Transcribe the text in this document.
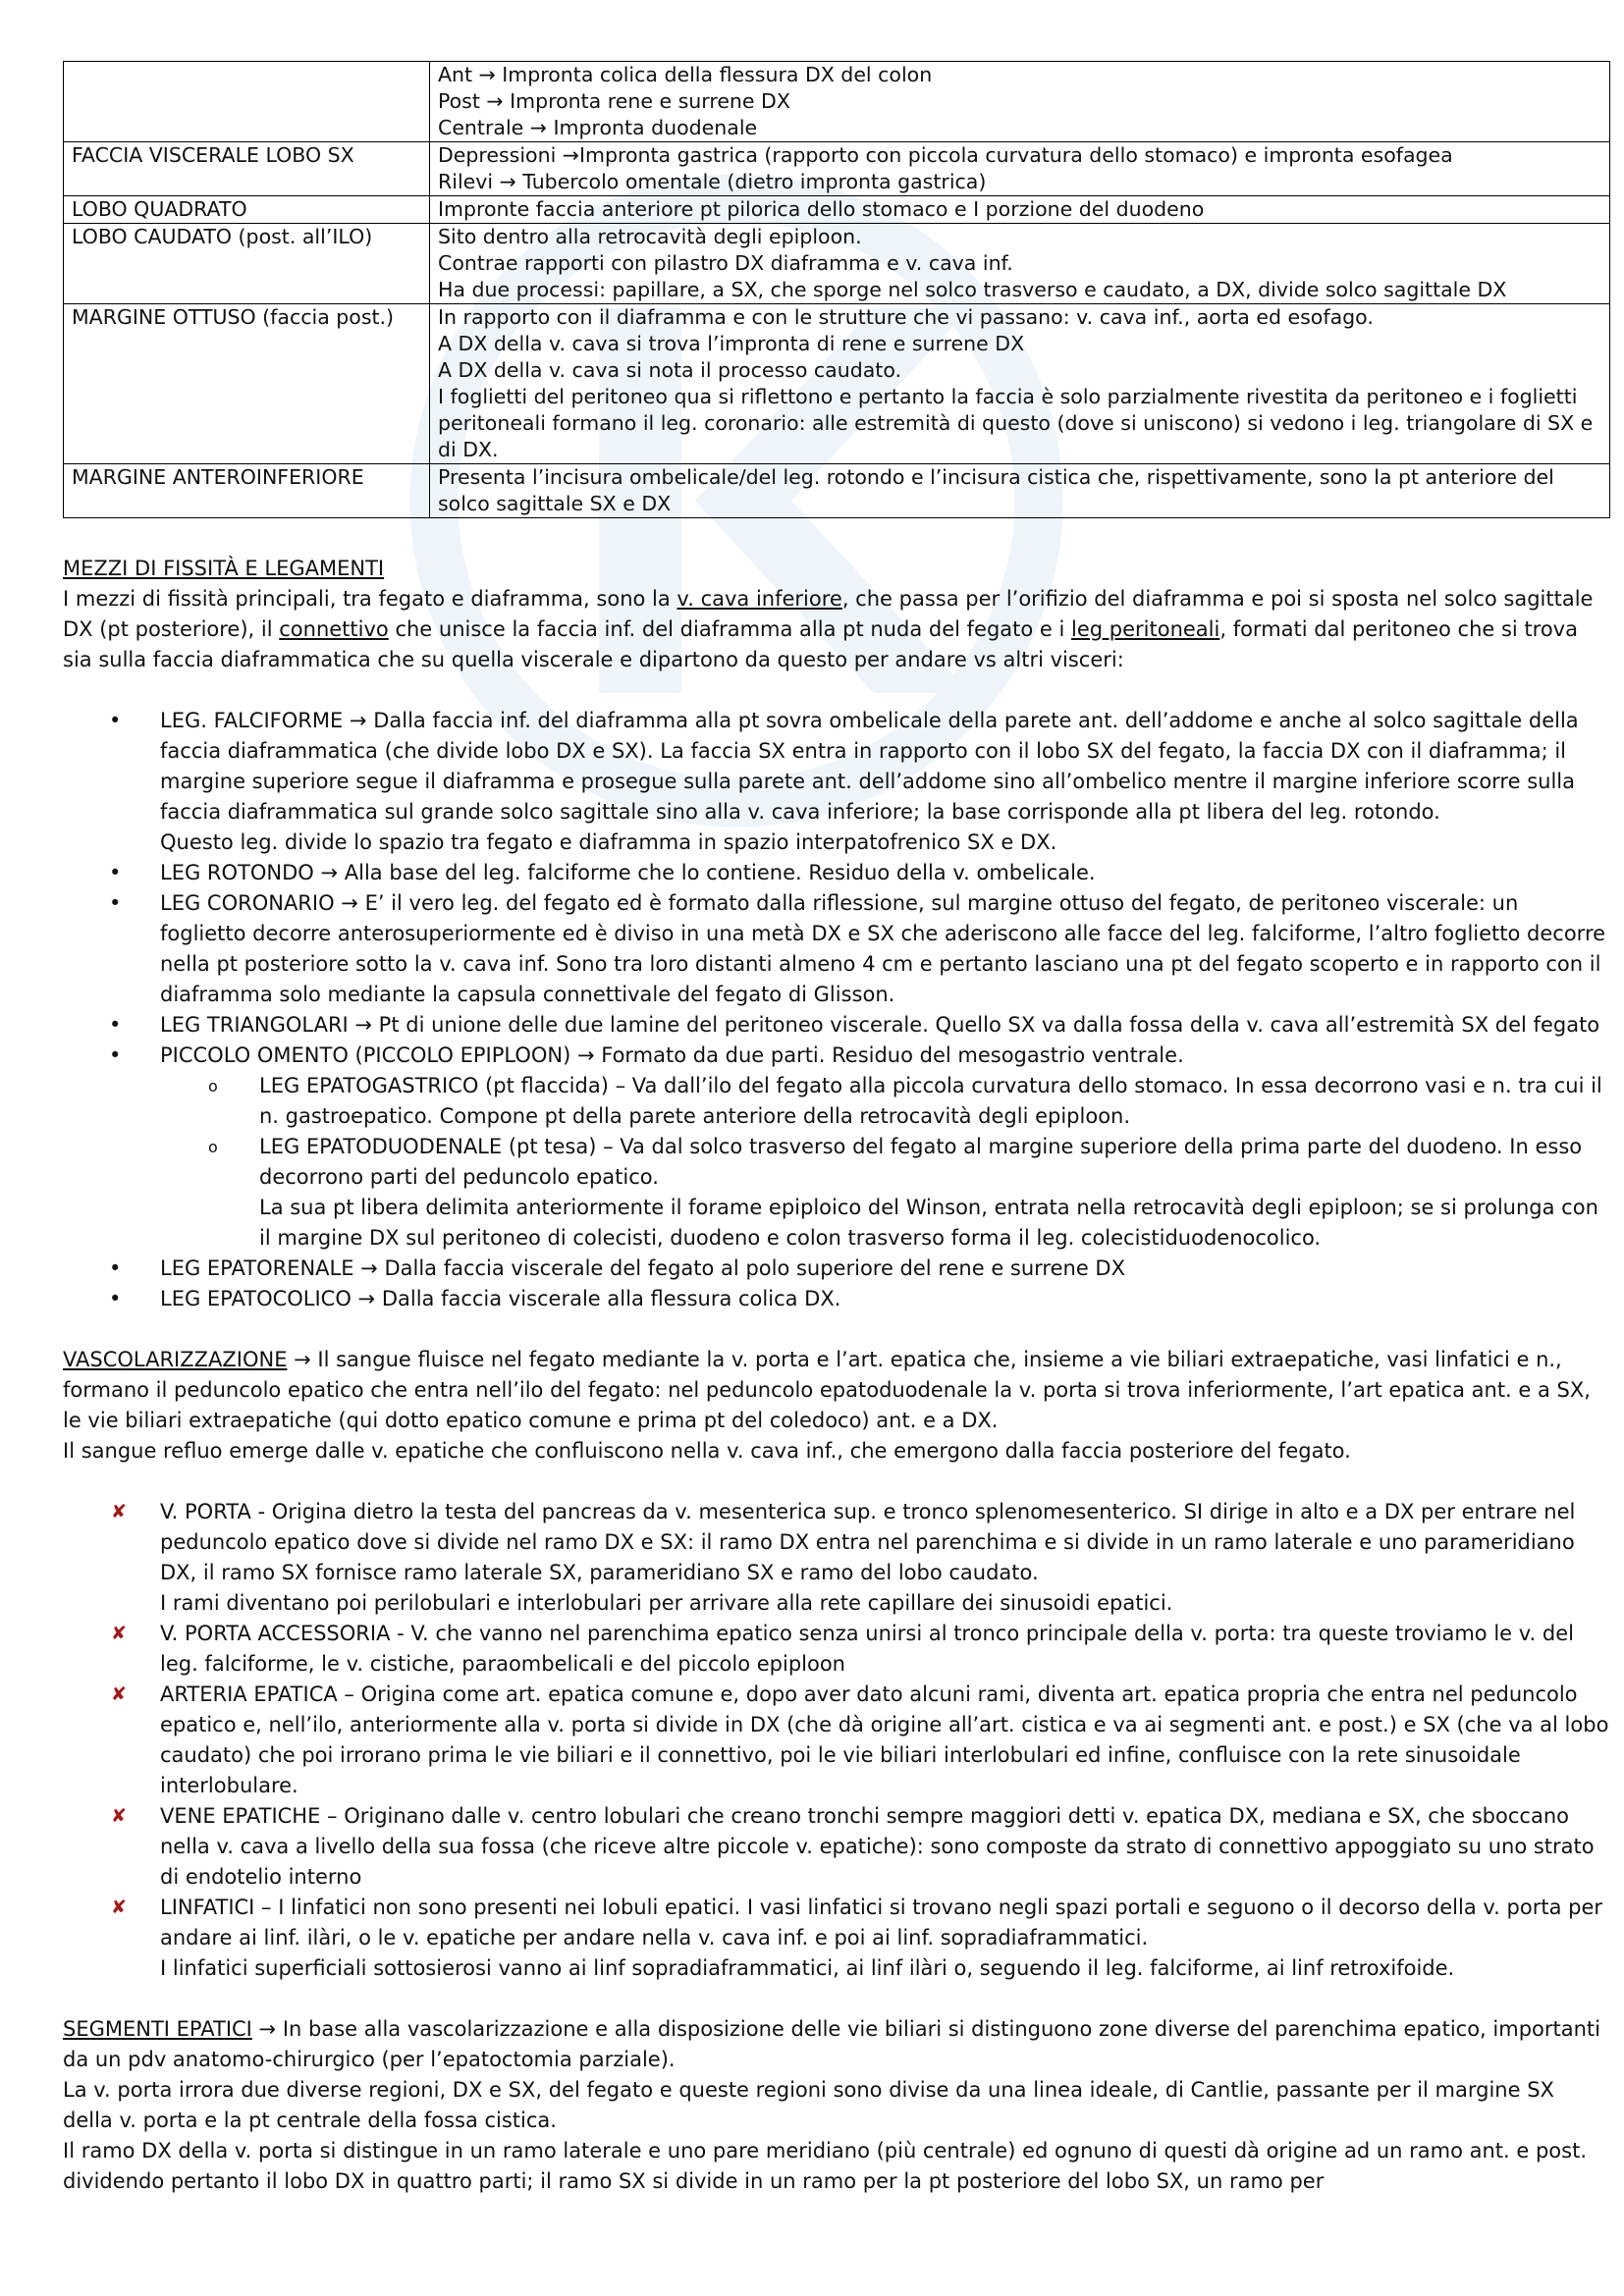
	Ant → Impronta colica della flessura DX del colon
Post → Impronta rene e surrene DX
Centrale → Impronta duodenale

FACCIA VISCERALE LOBO SX	Depressioni →Impronta gastrica (rapporto con piccola curvatura dello stomaco) e impronta esofagea
Rilevi → Tubercolo omentale (dietro impronta gastrica)

LOBO QUADRATO	Impronte faccia anteriore pt pilorica dello stomaco e I porzione del duodeno

LOBO CAUDATO (post. all’ILO)	Sito dentro alla retrocavità degli epiploon.
Contrae rapporti con pilastro DX diaframma e v. cava inf.
Ha due processi: papillare, a SX, che sporge nel solco trasverso e caudato, a DX, divide solco sagittale DX

MARGINE OTTUSO (faccia post.)	In rapporto con il diaframma e con le strutture che vi passano: v. cava inf., aorta ed esofago.
A DX della v. cava si trova l’impronta di rene e surrene DX
A DX della v. cava si nota il processo caudato.
I foglietti del peritoneo qua si riflettono e pertanto la faccia è solo parzialmente rivestita da peritoneo e i foglietti peritoneali formano il leg. coronario: alle estremità di questo (dove si uniscono) si vedono i leg. triangolare di SX e di DX.

MARGINE ANTEROINFERIORE	Presenta l’incisura ombelicale/del leg. rotondo e l’incisura cistica che, rispettivamente, sono la pt anteriore del solco sagittale SX e DX

MEZZI DI FISSITÀ E LEGAMENTI

I mezzi di fissità principali, tra fegato e diaframma, sono la v. cava inferiore, che passa per l’orifizio del diaframma e poi si sposta nel solco sagittale DX (pt posteriore), il connettivo che unisce la faccia inf. del diaframma alla pt nuda del fegato e i leg peritoneali, formati dal peritoneo che si trova sia sulla faccia diaframmatica che su quella viscerale e dipartono da questo per andare vs altri visceri:

• LEG. FALCIFORME → Dalla faccia inf. del diaframma alla pt sovra ombelicale della parete ant. dell’addome e anche al solco sagittale della faccia diaframmatica (che divide lobo DX e SX). La faccia SX entra in rapporto con il lobo SX del fegato, la faccia DX con il diaframma; il margine superiore segue il diaframma e prosegue sulla parete ant. dell’addome sino all’ombelico mentre il margine inferiore scorre sulla faccia diaframmatica sul grande solco sagittale sino alla v. cava inferiore; la base corrisponde alla pt libera del leg. rotondo.
Questo leg. divide lo spazio tra fegato e diaframma in spazio interpatofrenico SX e DX.
• LEG ROTONDO → Alla base del leg. falciforme che lo contiene. Residuo della v. ombelicale.
• LEG CORONARIO → E’ il vero leg. del fegato ed è formato dalla riflessione, sul margine ottuso del fegato, de peritoneo viscerale: un foglietto decorre anterosuperiormente ed è diviso in una metà DX e SX che aderiscono alle facce del leg. falciforme, l’altro foglietto decorre nella pt posteriore sotto la v. cava inf. Sono tra loro distanti almeno 4 cm e pertanto lasciano una pt del fegato scoperto e in rapporto con il diaframma solo mediante la capsula connettivale del fegato di Glisson.
• LEG TRIANGOLARI → Pt di unione delle due lamine del peritoneo viscerale. Quello SX va dalla fossa della v. cava all’estremità SX del fegato
• PICCOLO OMENTO (PICCOLO EPIPLOON) → Formato da due parti. Residuo del mesogastrio ventrale.
o LEG EPATOGASTRICO (pt flaccida) – Va dall’ilo del fegato alla piccola curvatura dello stomaco. In essa decorrono vasi e n. tra cui il n. gastroepatico. Compone pt della parete anteriore della retrocavità degli epiploon.
o LEG EPATODUODENALE (pt tesa) – Va dal solco trasverso del fegato al margine superiore della prima parte del duodeno. In esso decorrono parti del peduncolo epatico.
La sua pt libera delimita anteriormente il forame epiploico del Winson, entrata nella retrocavità degli epiploon; se si prolunga con il margine DX sul peritoneo di colecisti, duodeno e colon trasverso forma il leg. colecistiduodenocolico.
• LEG EPATORENALE → Dalla faccia viscerale del fegato al polo superiore del rene e surrene DX
• LEG EPATOCOLICO → Dalla faccia viscerale alla flessura colica DX.

VASCOLARIZZAZIONE → Il sangue fluisce nel fegato mediante la v. porta e l’art. epatica che, insieme a vie biliari extraepatiche, vasi linfatici e n., formano il peduncolo epatico che entra nell’ilo del fegato: nel peduncolo epatoduodenale la v. porta si trova inferiormente, l’art epatica ant. e a SX, le vie biliari extraepatiche (qui dotto epatico comune e prima pt del coledoco) ant. e a DX.

Il sangue refluo emerge dalle v. epatiche che confluiscono nella v. cava inf., che emergono dalla faccia posteriore del fegato.

✘ V. PORTA - Origina dietro la testa del pancreas da v. mesenterica sup. e tronco splenomesenterico. SI dirige in alto e a DX per entrare nel peduncolo epatico dove si divide nel ramo DX e SX: il ramo DX entra nel parenchima e si divide in un ramo laterale e uno parameridiano DX, il ramo SX fornisce ramo laterale SX, parameridiano SX e ramo del lobo caudato.
I rami diventano poi perilobulari e interlobulari per arrivare alla rete capillare dei sinusoidi epatici.
✘ V. PORTA ACCESSORIA - V. che vanno nel parenchima epatico senza unirsi al tronco principale della v. porta: tra queste troviamo le v. del leg. falciforme, le v. cistiche, paraombelicali e del piccolo epiploon
✘ ARTERIA EPATICA – Origina come art. epatica comune e, dopo aver dato alcuni rami, diventa art. epatica propria che entra nel peduncolo epatico e, nell’ilo, anteriormente alla v. porta si divide in DX (che dà origine all’art. cistica e va ai segmenti ant. e post.) e SX (che va al lobo caudato) che poi irrorano prima le vie biliari e il connettivo, poi le vie biliari interlobulari ed infine, confluisce con la rete sinusoidale interlobulare.
✘ VENE EPATICHE – Originano dalle v. centro lobulari che creano tronchi sempre maggiori detti v. epatica DX, mediana e SX, che sboccano nella v. cava a livello della sua fossa (che riceve altre piccole v. epatiche): sono composte da strato di connettivo appoggiato su uno strato di endotelio interno
✘ LINFATICI – I linfatici non sono presenti nei lobuli epatici. I vasi linfatici si trovano negli spazi portali e seguono o il decorso della v. porta per andare ai linf. ilàri, o le v. epatiche per andare nella v. cava inf. e poi ai linf. sopradiaframmatici.
I linfatici superficiali sottosierosi vanno ai linf sopradiaframmatici, ai linf ilàri o, seguendo il leg. falciforme, ai linf retroxifoide.

SEGMENTI EPATICI → In base alla vascolarizzazione e alla disposizione delle vie biliari si distinguono zone diverse del parenchima epatico, importanti da un pdv anatomo-chirurgico (per l’epatoctomia parziale).

La v. porta irrora due diverse regioni, DX e SX, del fegato e queste regioni sono divise da una linea ideale, di Cantlie, passante per il margine SX della v. porta e la pt centrale della fossa cistica.

Il ramo DX della v. porta si distingue in un ramo laterale e uno pare meridiano (più centrale) ed ognuno di questi dà origine ad un ramo ant. e post. dividendo pertanto il lobo DX in quattro parti; il ramo SX si divide in un ramo per la pt posteriore del lobo SX, un ramo per
